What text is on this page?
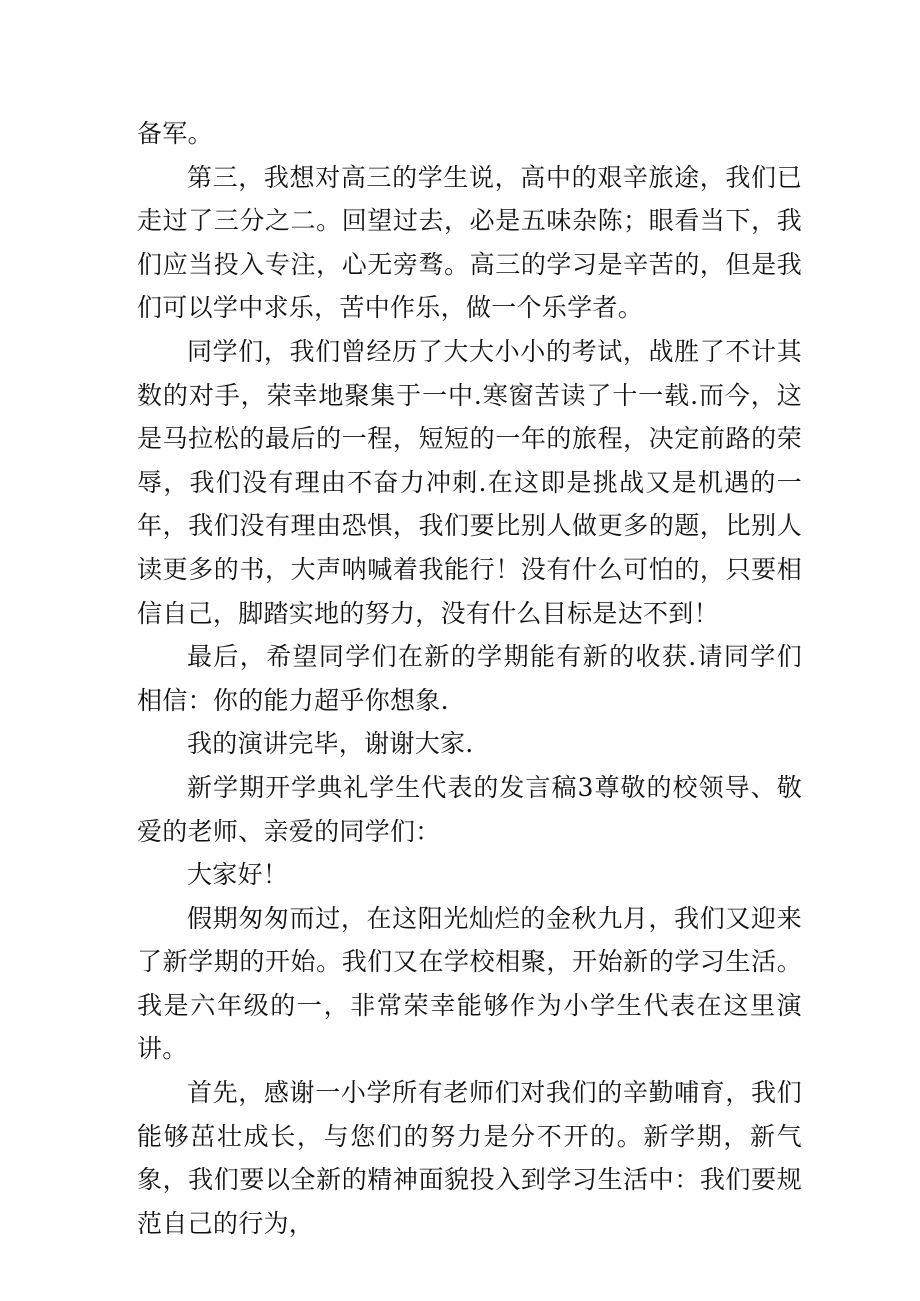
备军。

第三，我想对高三的学生说，高中的艰辛旅途，我们已走过了三分之二。回望过去，必是五味杂陈；眼看当下，我们应当投入专注，心无旁骛。高三的学习是辛苦的，但是我们可以学中求乐，苦中作乐，做一个乐学者。

同学们，我们曾经历了大大小小的考试，战胜了不计其数的对手，荣幸地聚集于一中.寒窗苦读了十一载.而今，这是马拉松的最后的一程，短短的一年的旅程，决定前路的荣辱，我们没有理由不奋力冲刺.在这即是挑战又是机遇的一年，我们没有理由恐惧，我们要比别人做更多的题，比别人读更多的书，大声呐喊着我能行！没有什么可怕的，只要相信自己，脚踏实地的努力，没有什么目标是达不到！

最后，希望同学们在新的学期能有新的收获.请同学们相信：你的能力超乎你想象.

我的演讲完毕，谢谢大家.

新学期开学典礼学生代表的发言稿3尊敬的校领导、敬爱的老师、亲爱的同学们：

大家好！

假期匆匆而过，在这阳光灿烂的金秋九月，我们又迎来了新学期的开始。我们又在学校相聚，开始新的学习生活。我是六年级的一，非常荣幸能够作为小学生代表在这里演讲。

首先，感谢一小学所有老师们对我们的辛勤哺育，我们能够茁壮成长，与您们的努力是分不开的。新学期，新气象，我们要以全新的精神面貌投入到学习生活中：我们要规范自己的行为，
